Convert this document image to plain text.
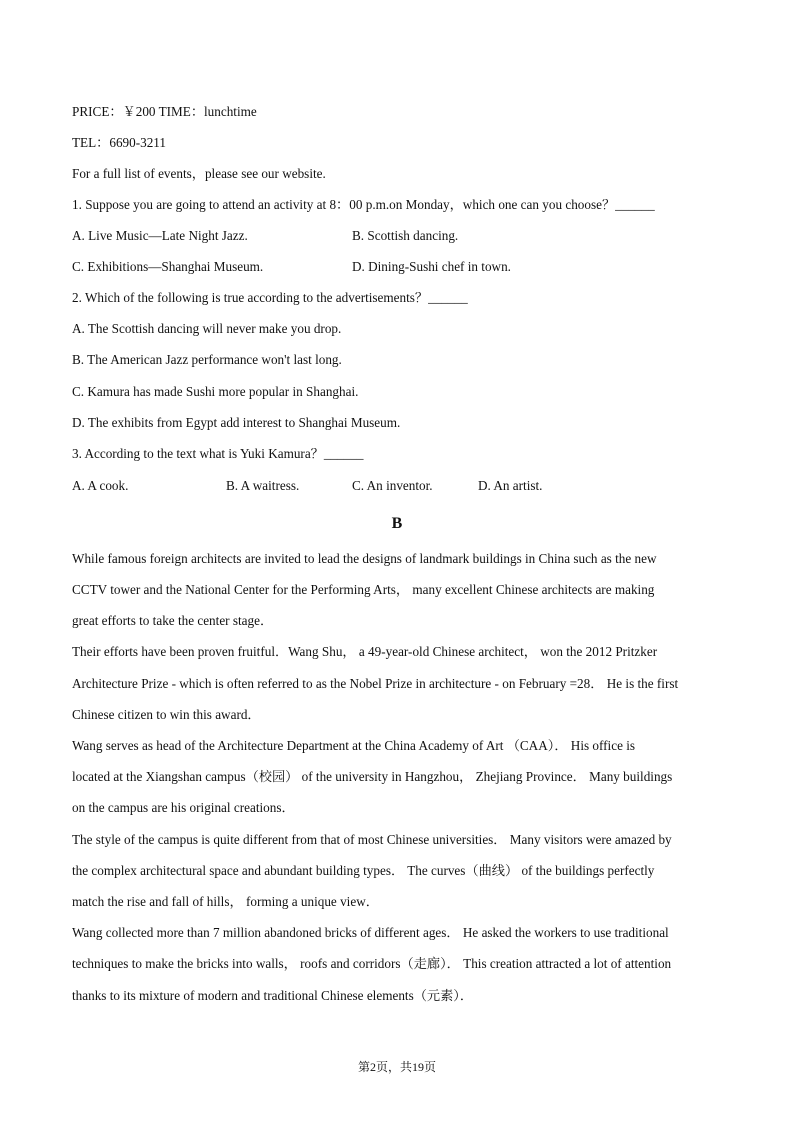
PRICE：￥200 TIME：lunchtime
TEL：6690-3211
For a full list of events，please see our website.
1. Suppose you are going to attend an activity at 8：00 p.m.on Monday，which one can you choose？______
A. Live Music—Late Night Jazz.	B. Scottish dancing.
C. Exhibitions—Shanghai Museum.	D. Dining-Sushi chef in town.
2. Which of the following is true according to the advertisements？______
A. The Scottish dancing will never make you drop.
B. The American Jazz performance won't last long.
C. Kamura has made Sushi more popular in Shanghai.
D. The exhibits from Egypt add interest to Shanghai Museum.
3. According to the text what is Yuki Kamura？______
A. A cook.	B. A waitress.	C. An inventor.	D. An artist.
B
While famous foreign architects are invited to lead the designs of landmark buildings in China such as the new
CCTV tower and the National Center for the Performing Arts， many excellent Chinese architects are making
great efforts to take the center stage．
Their efforts have been proven fruitful．Wang Shu， a 49-year-old Chinese architect， won the 2012 Pritzker
Architecture Prize - which is often referred to as the Nobel Prize in architecture - on February =28． He is the first
Chinese citizen to win this award．
Wang serves as head of the Architecture Department at the China Academy of Art （CAA）． His office is
located at the Xiangshan campus（校园） of the university in Hangzhou， Zhejiang Province． Many buildings
on the campus are his original creations．
The style of the campus is quite different from that of most Chinese universities． Many visitors were amazed by
the complex architectural space and abundant building types． The curves（曲线） of the buildings perfectly
match the rise and fall of hills， forming a unique view．
Wang collected more than 7 million abandoned bricks of different ages． He asked the workers to use traditional
techniques to make the bricks into walls， roofs and corridors（走廊）． This creation attracted a lot of attention
thanks to its mixture of modern and traditional Chinese elements（元素）．
第2页，共19页
